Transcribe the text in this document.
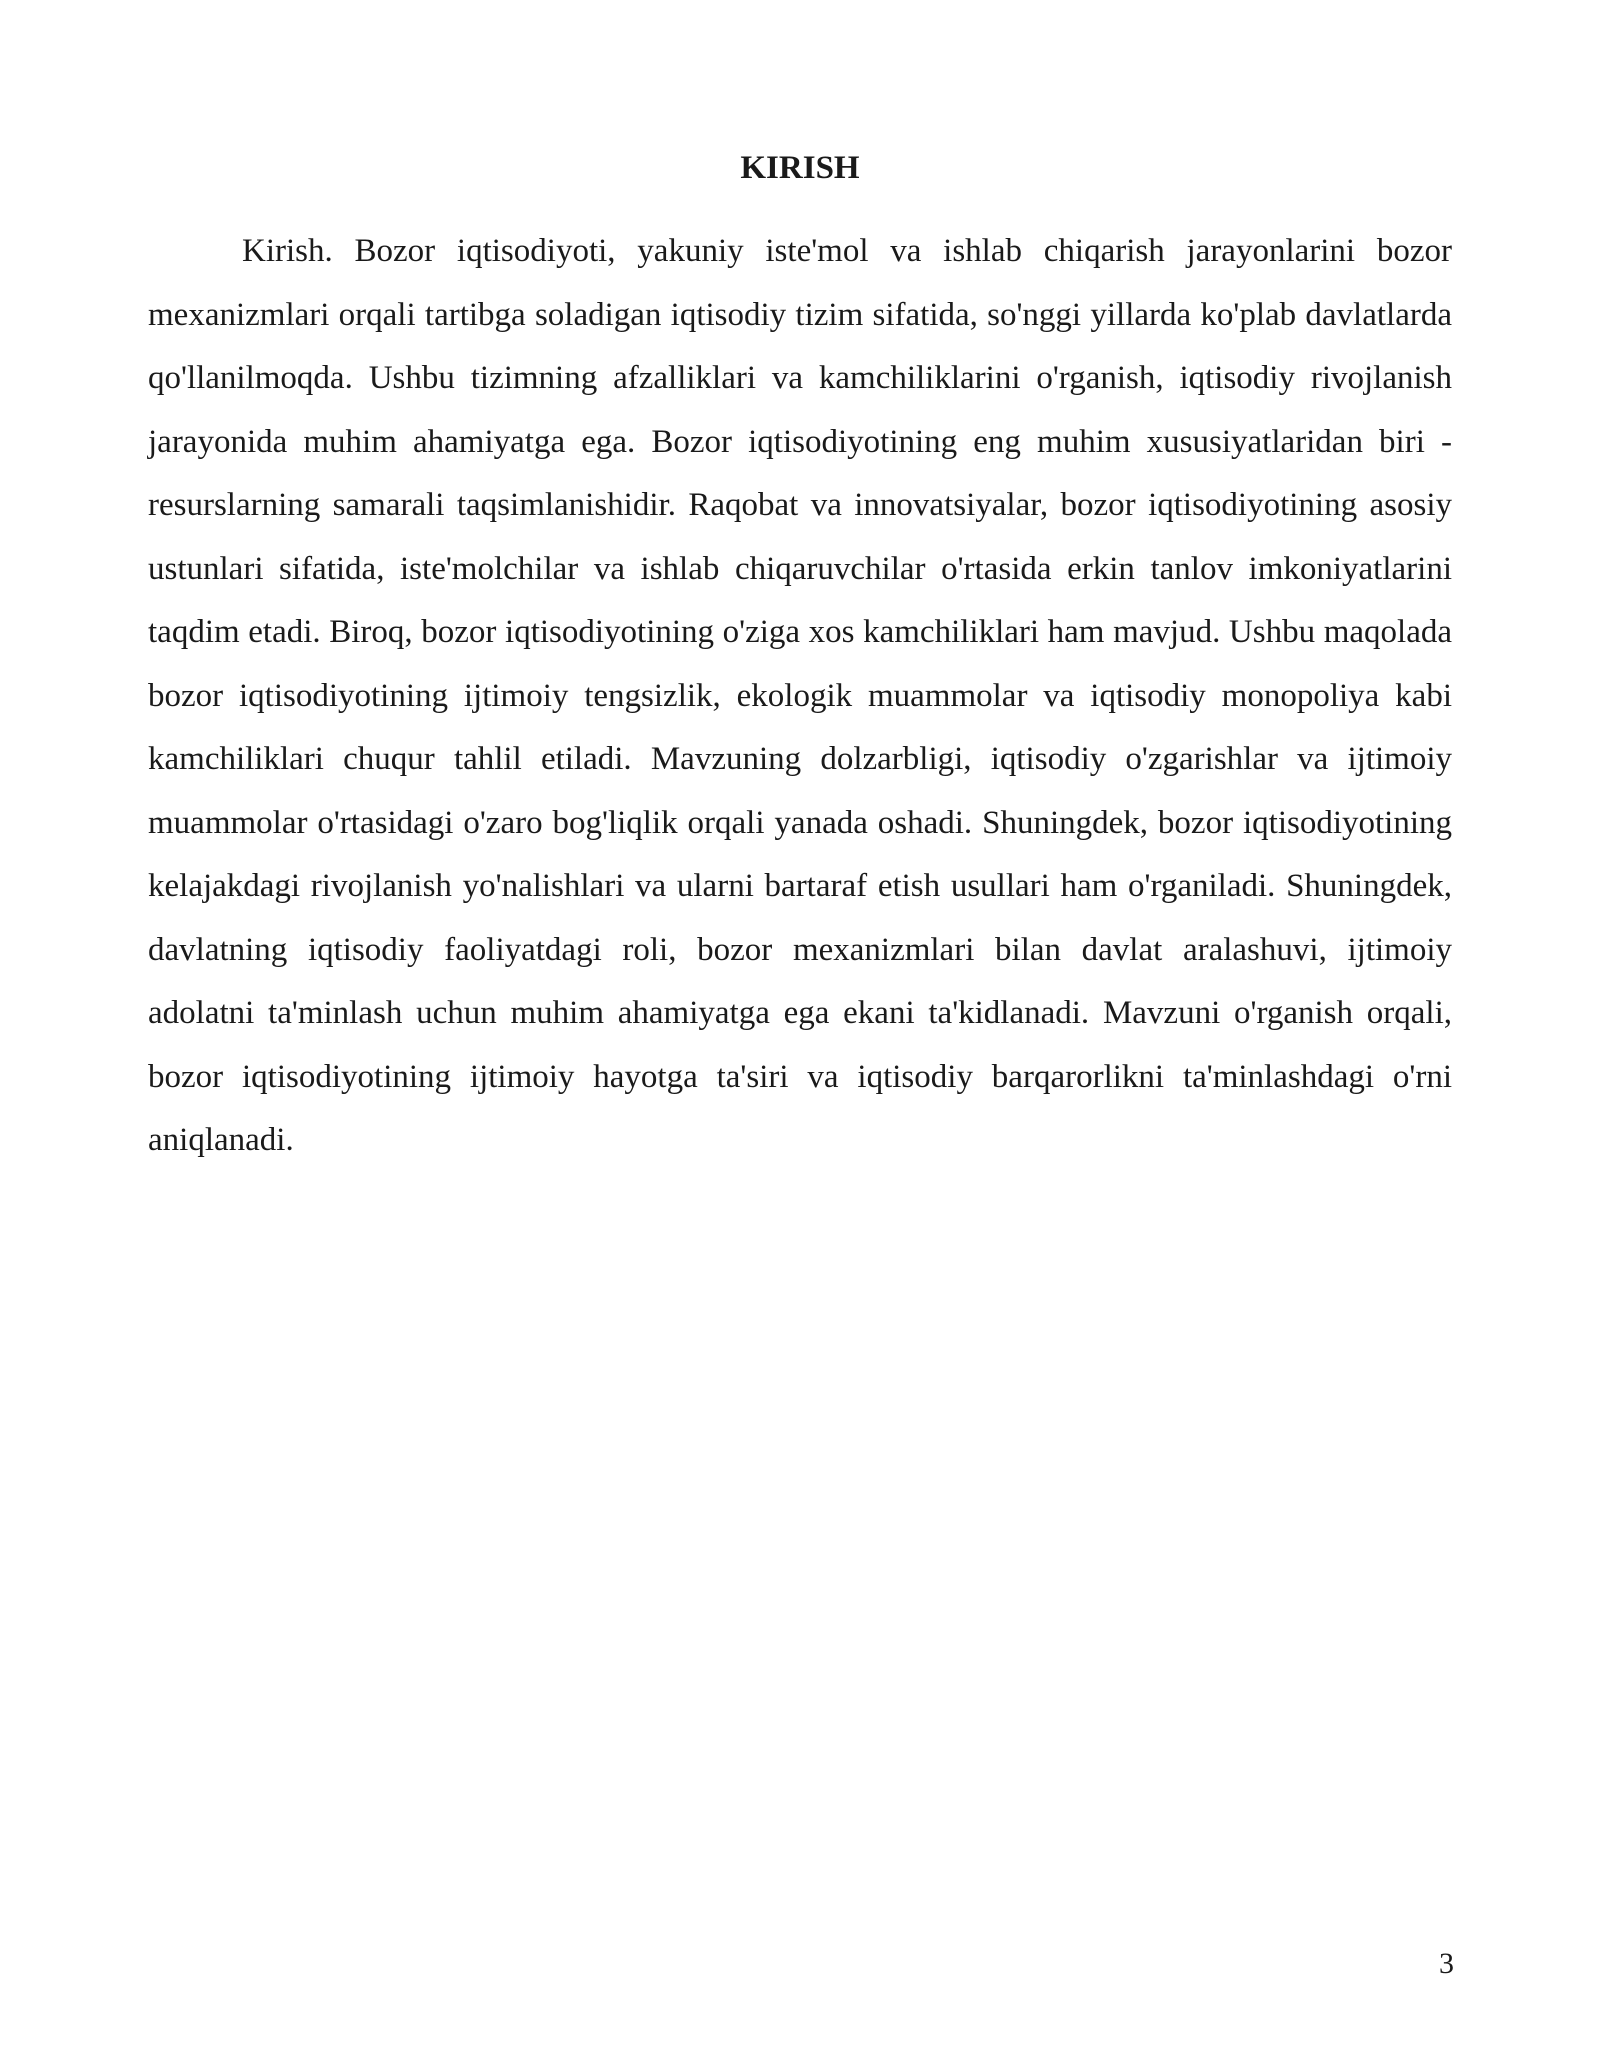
KIRISH

Kirish. Bozor iqtisodiyoti, yakuniy iste'mol va ishlab chiqarish jarayonlarini bozor mexanizmlari orqali tartibga soladigan iqtisodiy tizim sifatida, so'nggi yillarda ko'plab davlatlarda qo'llanilmoqda. Ushbu tizimning afzalliklari va kamchiliklarini o'rganish, iqtisodiy rivojlanish jarayonida muhim ahamiyatga ega. Bozor iqtisodiyotining eng muhim xususiyatlaridan biri - resurslarning samarali taqsimlanishidir. Raqobat va innovatsiyalar, bozor iqtisodiyotining asosiy ustunlari sifatida, iste'molchilar va ishlab chiqaruvchilar o'rtasida erkin tanlov imkoniyatlarini taqdim etadi. Biroq, bozor iqtisodiyotining o'ziga xos kamchiliklari ham mavjud. Ushbu maqolada bozor iqtisodiyotining ijtimoiy tengsizlik, ekologik muammolar va iqtisodiy monopoliya kabi kamchiliklari chuqur tahlil etiladi. Mavzuning dolzarbligi, iqtisodiy o'zgarishlar va ijtimoiy muammolar o'rtasidagi o'zaro bog'liqlik orqali yanada oshadi. Shuningdek, bozor iqtisodiyotining kelajakdagi rivojlanish yo'nalishlari va ularni bartaraf etish usullari ham o'rganiladi. Shuningdek, davlatning iqtisodiy faoliyatdagi roli, bozor mexanizmlari bilan davlat aralashuvi, ijtimoiy adolatni ta'minlash uchun muhim ahamiyatga ega ekani ta'kidlanadi. Mavzuni o'rganish orqali, bozor iqtisodiyotining ijtimoiy hayotga ta'siri va iqtisodiy barqarorlikni ta'minlashdagi o'rni aniqlanadi.

3
